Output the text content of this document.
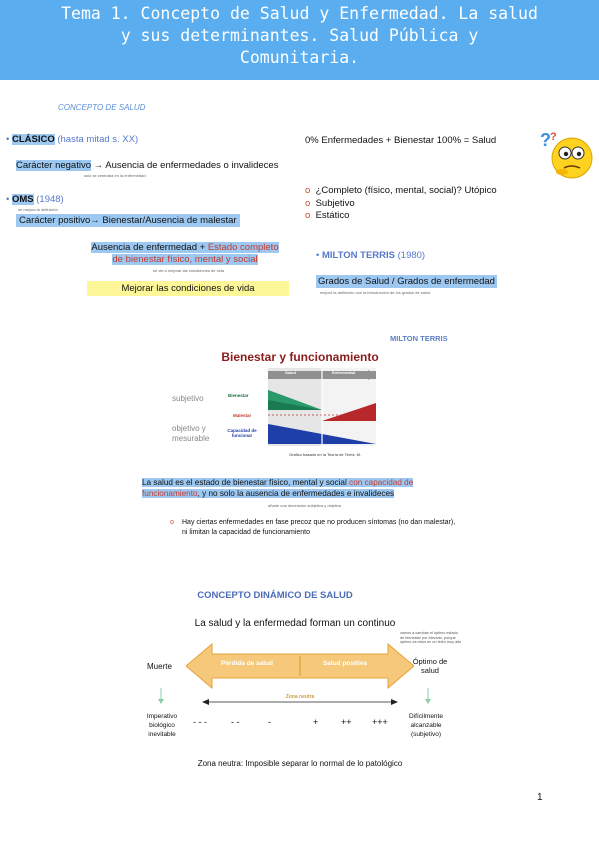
Tema 1. Concepto de Salud y Enfermedad. La salud
y sus determinantes. Salud Pública y
Comunitaria.
CONCEPTO DE SALUD
• CLÁSICO (hasta mitad s. XX)
Carácter negativo → Ausencia de enfermedades o invalideces
solo se centraba en la enfermedad
• OMS (1948)
se mejora la definición
Carácter positivo→ Bienestar/Ausencia de malestar
Ausencia de enfermedad + Estado completo
de bienestar físico, mental y social
se vie a mejorar las condiciones de vida
Mejorar las condiciones de vida
0% Enfermedades + Bienestar 100% = Salud ? ?
o ¿Completo (físico, mental, social)? Utópico
o Subjetivo
o Estático
• MILTON TERRIS (1980)
Grados de Salud / Grados de enfermedad
mejoró la definición con la introducción de los grados de salud
MILTON TERRIS
Bienestar y funcionamiento
subjetivo
objetivo y mesurable
Bienestar
Malestar
Capacidad de funcionar
Salud	Enfermedad
Gráfico basado en la Teoría de Terris, M.
La salud es el estado de bienestar físico, mental y social con capacidad de funcionamiento, y no solo la ausencia de enfermedades e invalideces
añade una dimensión subjetiva y objetiva
o	Hay ciertas enfermedades en fase precoz que no producen síntomas (no dan malestar), ni limitan la capacidad de funcionamiento
CONCEPTO DINÁMICO DE SALUD
La salud y la enfermedad forman un continuo
vamos a cambiar el óptimo estado de bienestar por elevado, porque óptimo es estar en un feién muy alto
Muerte
Óptimo de salud
Pérdida de salud	Salud positiva
Zona neutra
Imperativo biológico inevitable
Difícilmente alcanzable (subjetivo)
- - -	- -	-	+	++ +++
Zona neutra: Imposible separar lo normal de lo patológico
1
